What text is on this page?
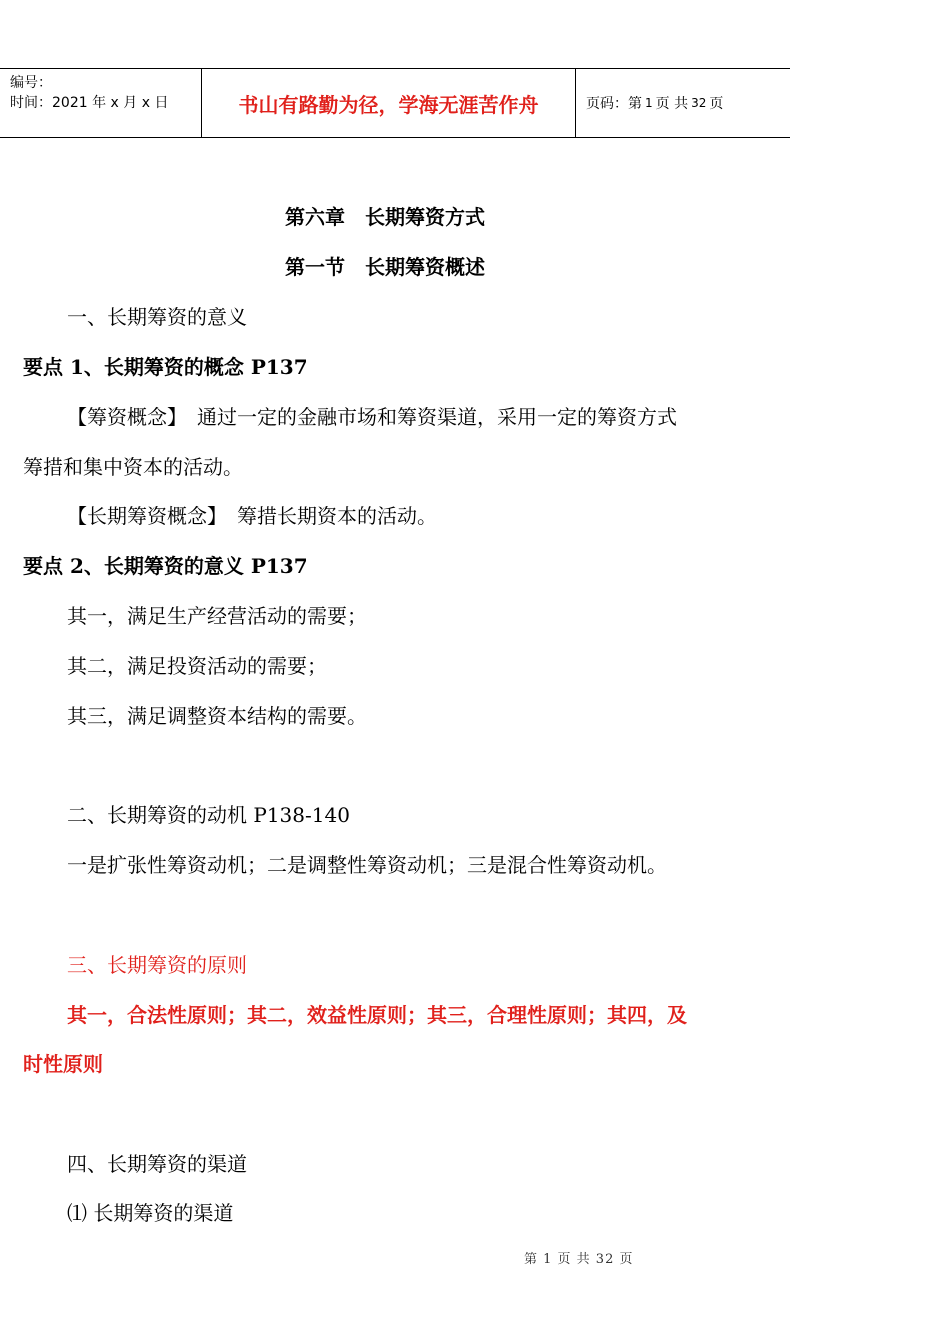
编号：
时间：2021 年 x 月 x 日	书山有路勤为径，学海无涯苦作舟	页码：第 1 页 共 32 页
第六章　长期筹资方式
第一节　长期筹资概述
一、长期筹资的意义
要点 1、长期筹资的概念 P137
【筹资概念】　通过一定的金融市场和筹资渠道，采用一定的筹资方式
筹措和集中资本的活动。
【长期筹资概念】　筹措长期资本的活动。
要点 2、长期筹资的意义 P137
其一，满足生产经营活动的需要；
其二，满足投资活动的需要；
其三，满足调整资本结构的需要。
二、长期筹资的动机 P138-140
一是扩张性筹资动机；二是调整性筹资动机；三是混合性筹资动机。
三、长期筹资的原则
其一，合法性原则；其二，效益性原则；其三，合理性原则；其四，及
时性原则
四、长期筹资的渠道
⑴ 长期筹资的渠道
第 1 页 共 32 页
